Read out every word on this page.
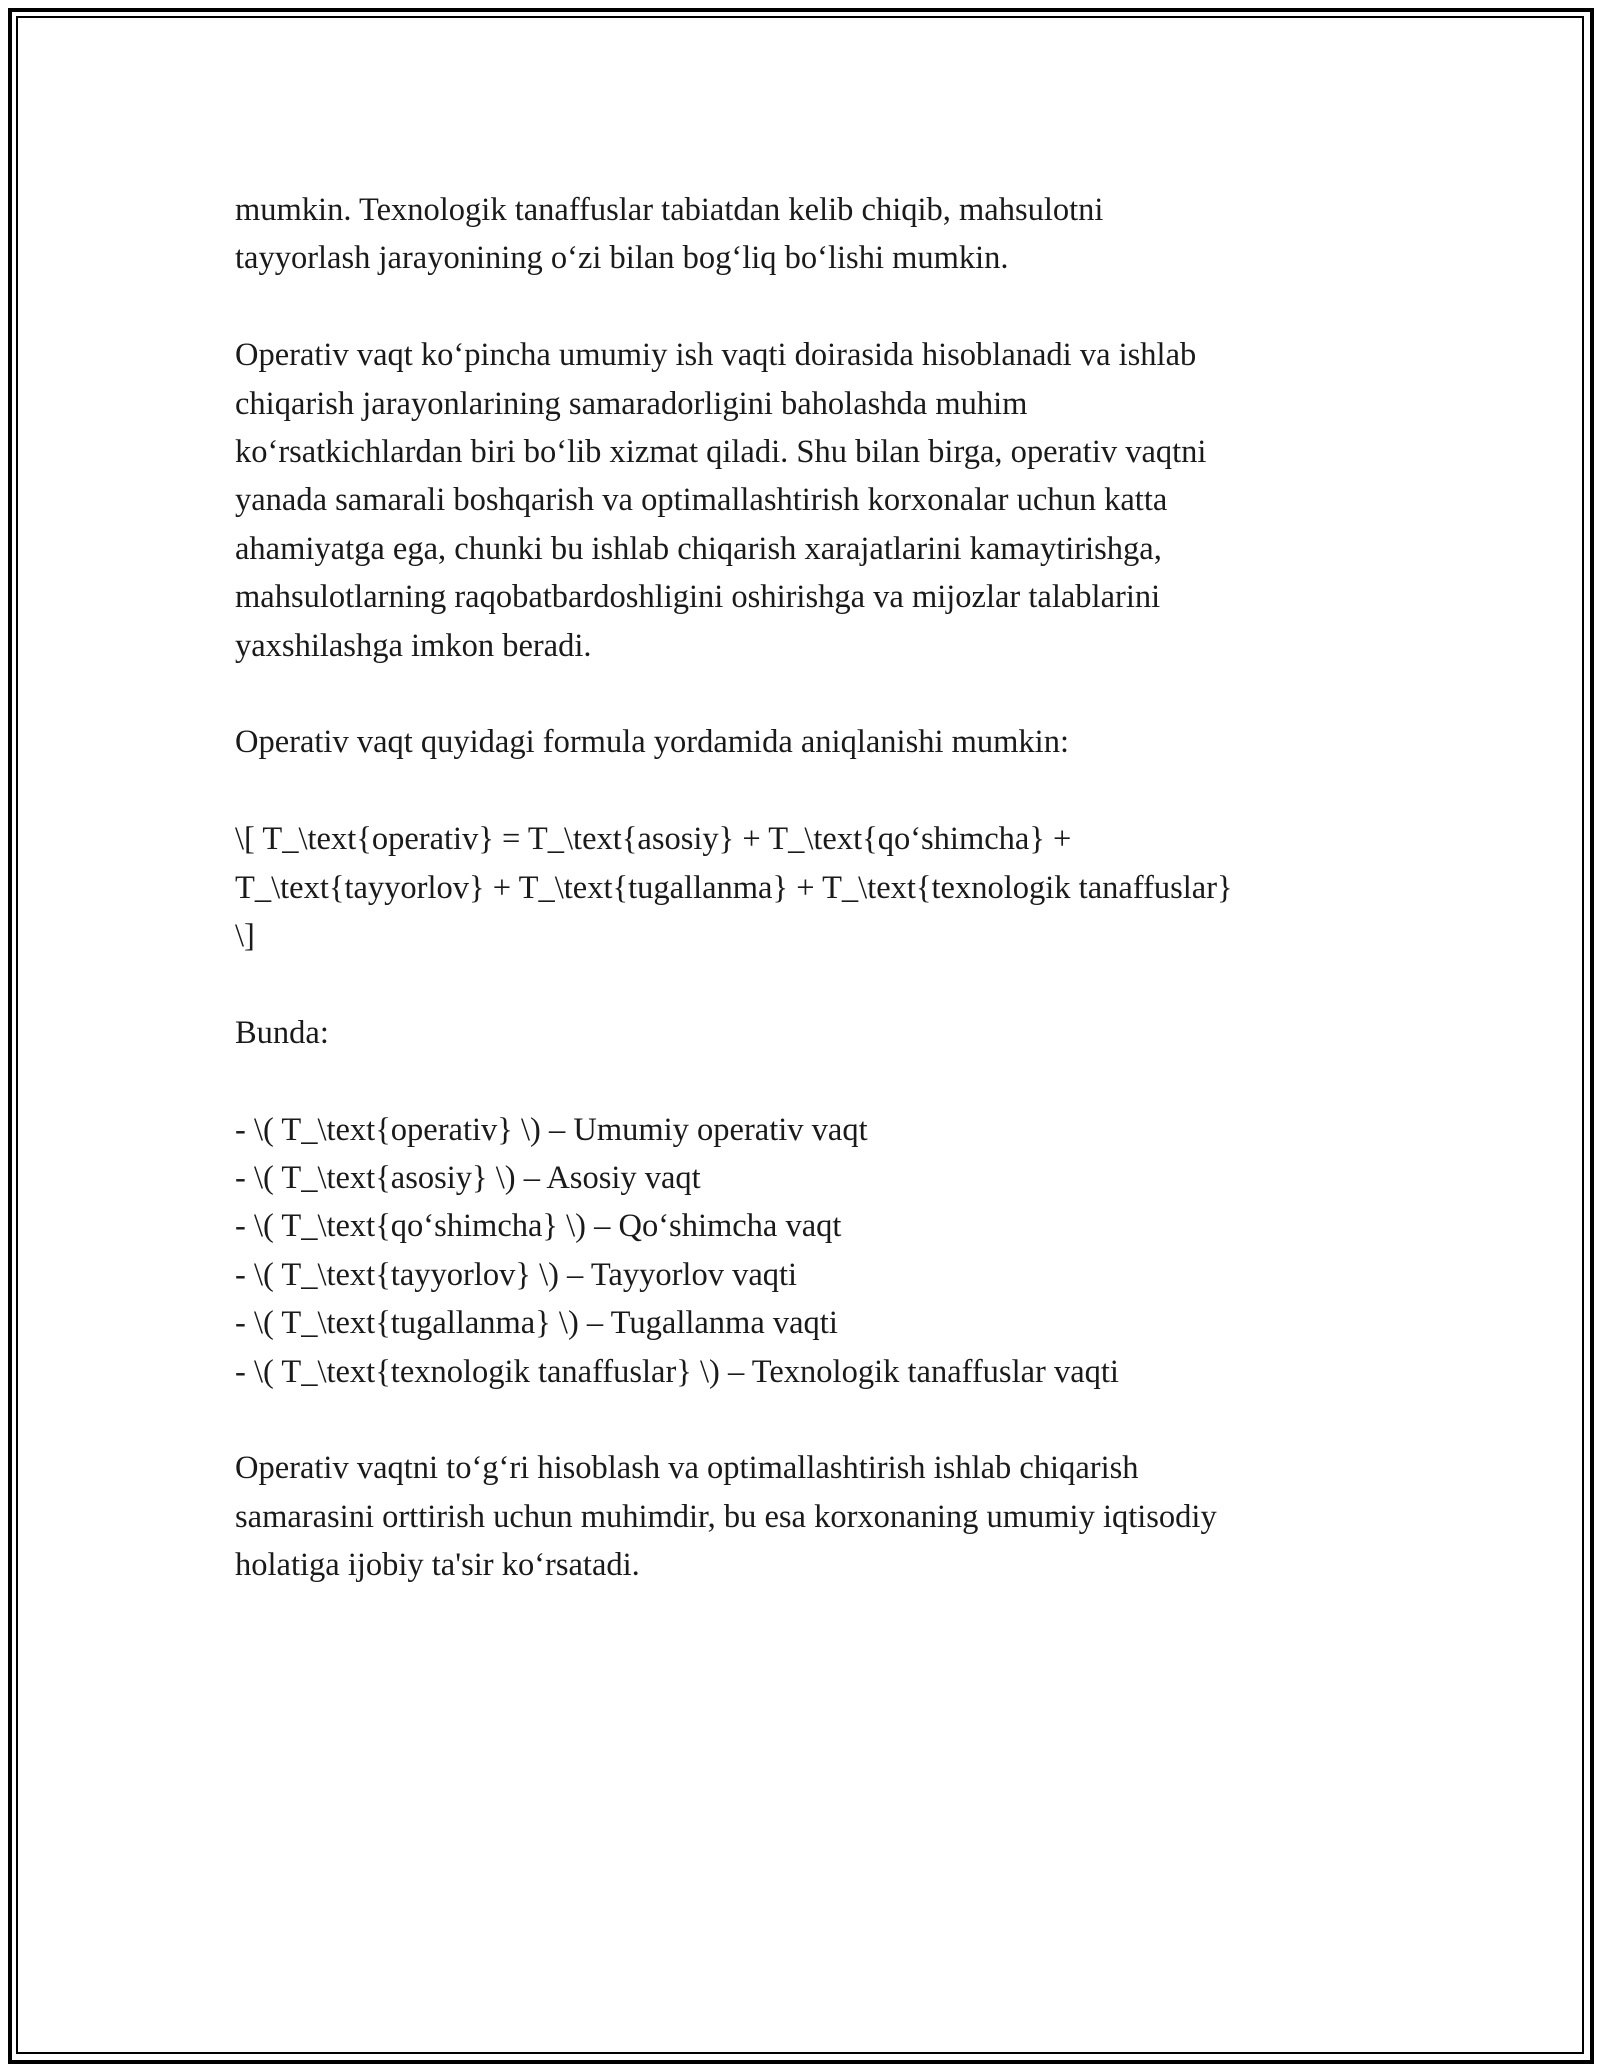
mumkin. Texnologik tanaffuslar tabiatdan kelib chiqib, mahsulotni
tayyorlash jarayonining oʻzi bilan bogʻliq boʻlishi mumkin.

Operativ vaqt koʻpincha umumiy ish vaqti doirasida hisoblanadi va ishlab
chiqarish jarayonlarining samaradorligini baholashda muhim
koʻrsatkichlardan biri boʻlib xizmat qiladi. Shu bilan birga, operativ vaqtni
yanada samarali boshqarish va optimallashtirish korxonalar uchun katta
ahamiyatga ega, chunki bu ishlab chiqarish xarajatlarini kamaytirishga,
mahsulotlarning raqobatbardoshligini oshirishga va mijozlar talablarini
yaxshilashga imkon beradi.

Operativ vaqt quyidagi formula yordamida aniqlanishi mumkin:

\[ T_\text{operativ} = T_\text{asosiy} + T_\text{qoʻshimcha} +
T_\text{tayyorlov} + T_\text{tugallanma} + T_\text{texnologik tanaffuslar}
\]

Bunda:

- \( T_\text{operativ} \) – Umumiy operativ vaqt
- \( T_\text{asosiy} \) – Asosiy vaqt
- \( T_\text{qoʻshimcha} \) – Qoʻshimcha vaqt
- \( T_\text{tayyorlov} \) – Tayyorlov vaqti
- \( T_\text{tugallanma} \) – Tugallanma vaqti
- \( T_\text{texnologik tanaffuslar} \) – Texnologik tanaffuslar vaqti

Operativ vaqtni toʻgʻri hisoblash va optimallashtirish ishlab chiqarish
samarasini orttirish uchun muhimdir, bu esa korxonaning umumiy iqtisodiy
holatiga ijobiy ta'sir koʻrsatadi.
